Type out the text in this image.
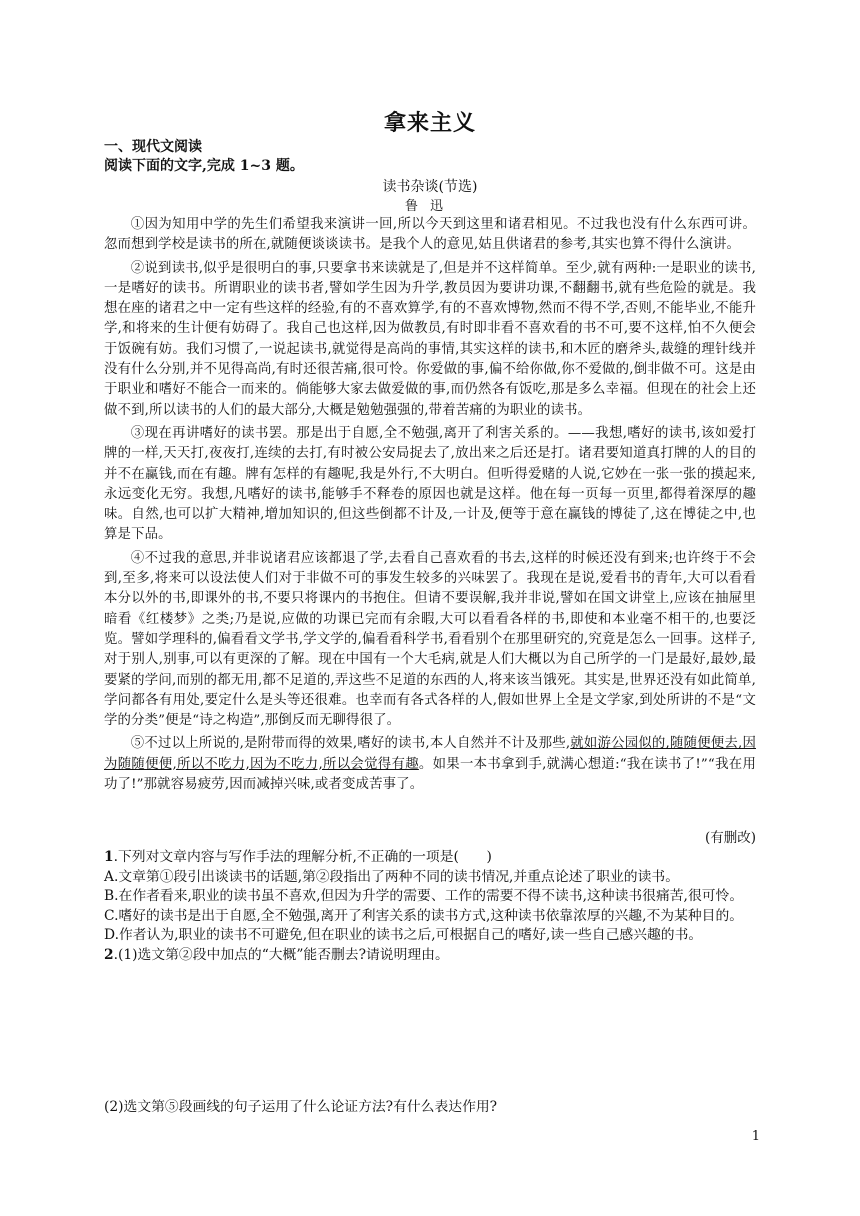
拿来主义
一、现代文阅读
阅读下面的文字,完成 1~3 题。
读书杂谈(节选)
鲁迅

①因为知用中学的先生们希望我来演讲一回,所以今天到这里和诸君相见。不过我也没有什么东西可讲。忽而想到学校是读书的所在,就随便谈谈读书。是我个人的意见,姑且供诸君的参考,其实也算不得什么演讲。

②说到读书,似乎是很明白的事,只要拿书来读就是了,但是并不这样简单。至少,就有两种:一是职业的读书,一是嗜好的读书。所谓职业的读书者,譬如学生因为升学,教员因为要讲功课,不翻翻书,就有些危险的就是。我想在座的诸君之中一定有些这样的经验,有的不喜欢算学,有的不喜欢博物,然而不得不学,否则,不能毕业,不能升学,和将来的生计便有妨碍了。我自己也这样,因为做教员,有时即非看不喜欢看的书不可,要不这样,怕不久便会于饭碗有妨。我们习惯了,一说起读书,就觉得是高尚的事情,其实这样的读书,和木匠的磨斧头,裁缝的理针线并没有什么分别,并不见得高尚,有时还很苦痛,很可怜。你爱做的事,偏不给你做,你不爱做的,倒非做不可。这是由于职业和嗜好不能合一而来的。倘能够大家去做爱做的事,而仍然各有饭吃,那是多么幸福。但现在的社会上还做不到,所以读书的人们的最大部分,大概是勉勉强强的,带着苦痛的为职业的读书。

③现在再讲嗜好的读书罢。那是出于自愿,全不勉强,离开了利害关系的。——我想,嗜好的读书,该如爱打牌的一样,天天打,夜夜打,连续的去打,有时被公安局捉去了,放出来之后还是打。诸君要知道真打牌的人的目的并不在赢钱,而在有趣。牌有怎样的有趣呢,我是外行,不大明白。但听得爱赌的人说,它妙在一张一张的摸起来,永远变化无穷。我想,凡嗜好的读书,能够手不释卷的原因也就是这样。他在每一页每一页里,都得着深厚的趣味。自然,也可以扩大精神,增加知识的,但这些倒都不计及,一计及,便等于意在赢钱的博徒了,这在博徒之中,也算是下品。

④不过我的意思,并非说诸君应该都退了学,去看自己喜欢看的书去,这样的时候还没有到来;也许终于不会到,至多,将来可以设法使人们对于非做不可的事发生较多的兴味罢了。我现在是说,爱看书的青年,大可以看看本分以外的书,即课外的书,不要只将课内的书抱住。但请不要误解,我并非说,譬如在国文讲堂上,应该在抽屉里暗看《红楼梦》之类;乃是说,应做的功课已完而有余暇,大可以看看各样的书,即使和本业毫不相干的,也要泛览。譬如学理科的,偏看看文学书,学文学的,偏看看科学书,看看别个在那里研究的,究竟是怎么一回事。这样子,对于别人,别事,可以有更深的了解。现在中国有一个大毛病,就是人们大概以为自己所学的一门是最好,最妙,最要紧的学问,而别的都无用,都不足道的,弄这些不足道的东西的人,将来该当饿死。其实是,世界还没有如此简单,学问都各有用处,要定什么是头等还很难。也幸而有各式各样的人,假如世界上全是文学家,到处所讲的不是“文学的分类”便是“诗之构造”,那倒反而无聊得很了。

⑤不过以上所说的,是附带而得的效果,嗜好的读书,本人自然并不计及那些,就如游公园似的,随随便便去,因为随随便便,所以不吃力,因为不吃力,所以会觉得有趣。如果一本书拿到手,就满心想道:“我在读书了!”“我在用功了!”那就容易疲劳,因而减掉兴味,或者变成苦事了。

(有删改)
1.下列对文章内容与写作手法的理解分析,不正确的一项是(　　)
A.文章第①段引出谈读书的话题,第②段指出了两种不同的读书情况,并重点论述了职业的读书。
B.在作者看来,职业的读书虽不喜欢,但因为升学的需要、工作的需要不得不读书,这种读书很痛苦,很可怜。
C.嗜好的读书是出于自愿,全不勉强,离开了利害关系的读书方式,这种读书依靠浓厚的兴趣,不为某种目的。
D.作者认为,职业的读书不可避免,但在职业的读书之后,可根据自己的嗜好,读一些自己感兴趣的书。
2.(1)选文第②段中加点的“大概”能否删去?请说明理由。
(2)选文第⑤段画线的句子运用了什么论证方法?有什么表达作用?
1
